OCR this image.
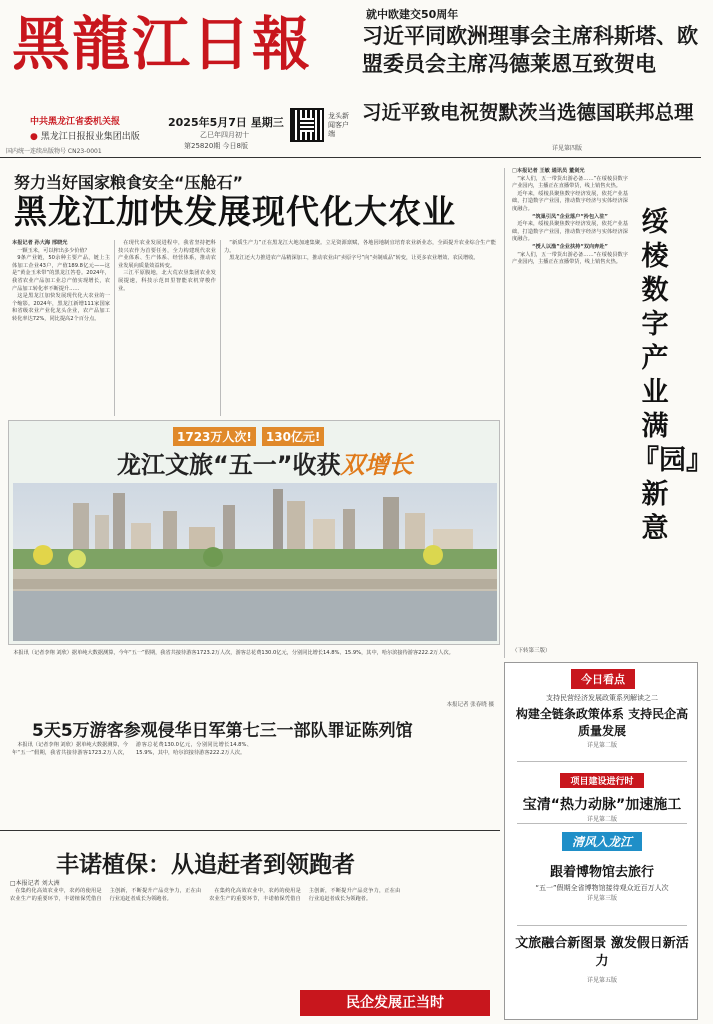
黑龍江日報
中共黑龙江省委机关报
● 黑龙江日报报业集团出版
国内统一连续出版物号 CN23-0001
2025年5月7日 星期三
乙巳年四月初十
第25820期 今日8版
龙头新闻客户端
就中欧建交50周年
习近平同欧洲理事会主席科斯塔、欧盟委员会主席冯德莱恩互致贺电
习近平致电祝贺默茨当选德国联邦总理
详见第四版
努力当好国家粮食安全“压舱石”
黑龙江加快发展现代化大农业

本报记者 孙大海 邢晓光

一颗玉米，可以榨出多少价值？

9条产业链，50余种主要产品，链上主体加工企业43户，产值189.8亿元——这是“黄金玉米带”的黑龙江答卷。2024年，我省农业产品加工业总产值实现增长，农产品加工转化率不断提升……

这是黑龙江加快发展现代化大农业的一个缩影。2024年，黑龙江新增111家国家和省级农业产业化龙头企业，农产品加工转化率达72%，同比提高2个百分点。

在现代农业发展进程中，我省坚持把科技兴农作为首要任务，全力构建现代农业产业体系、生产体系、经营体系，推动农业发展向质量效益转变。

三江平原腹地，北大荒农垦集团农业发展提速，科技示范田里智能农机穿梭作业。

“新质生产力”正在黑龙江大地加速集聚。立足资源禀赋，各地因地制宜培育农业新业态，全面提升农业综合生产能力。

黑龙江还大力推进农产品精深加工，推动农业由“卖原字号”向“卖制成品”转变，让更多农业增效、农民增收。

1723万人次! 130亿元!
龙江文旅“五一”收获双增长

本报讯（记者李翔 刘欣）据单纯大数据测算，今年“五一”假期，我省共接待游客1723.2万人次，游客总花费130.0亿元，分别同比增长14.8%、15.9%，其中，哈尔滨接待游客222.2万人次。

本报记者 张春晓 摄
5天5万游客参观侵华日军第七三一部队罪证陈列馆

本报讯（记者李翔 刘欣）据单纯大数据测算，今年“五一”假期，我省共接待游客1723.2万人次，游客总花费130.0亿元，分别同比增长14.8%、15.9%，其中，哈尔滨接待游客222.2万人次。

丰诺植保：从追赶者到领跑者
□本报记者 刘大洲

在集约化高效农业中，农药的使用是农业生产的重要环节，丰诺植保凭借自主创新，不断提升产品竞争力，正在由行业追赶者成长为领跑者。

在集约化高效农业中，农药的使用是农业生产的重要环节，丰诺植保凭借自主创新，不断提升产品竞争力，正在由行业追赶者成长为领跑者。

民企发展正当时

□本报记者 王敏 通讯员 董剑光

“家人们，五一带货出游必备……”在绥棱县数字产业园内，主播正在直播带货，线上销售火热。

近年来，绥棱县聚焦数字经济发展，依托产业基础，打造数字产业园，推动数字经济与实体经济深度融合。

“筑巢引凤”企业落户“拎包入驻”

近年来，绥棱县聚焦数字经济发展，依托产业基础，打造数字产业园，推动数字经济与实体经济深度融合。

“授人以渔”企业扶持“双向奔赴”

“家人们，五一带货出游必备……”在绥棱县数字产业园内，主播正在直播带货，线上销售火热。

（下转第三版）
绥棱 数字产业满『园』新意
今日看点
支持民营经济发展政策系列解读之二
构建全链条政策体系 支持民企高质量发展
详见第二版
项目建设进行时
宝清“热力动脉”加速施工
详见第二版
清风入龙江
跟着博物馆去旅行
“五一”假期全省博物馆接待观众近百万人次
详见第三版
文旅融合新图景 激发假日新活力
详见第五版
